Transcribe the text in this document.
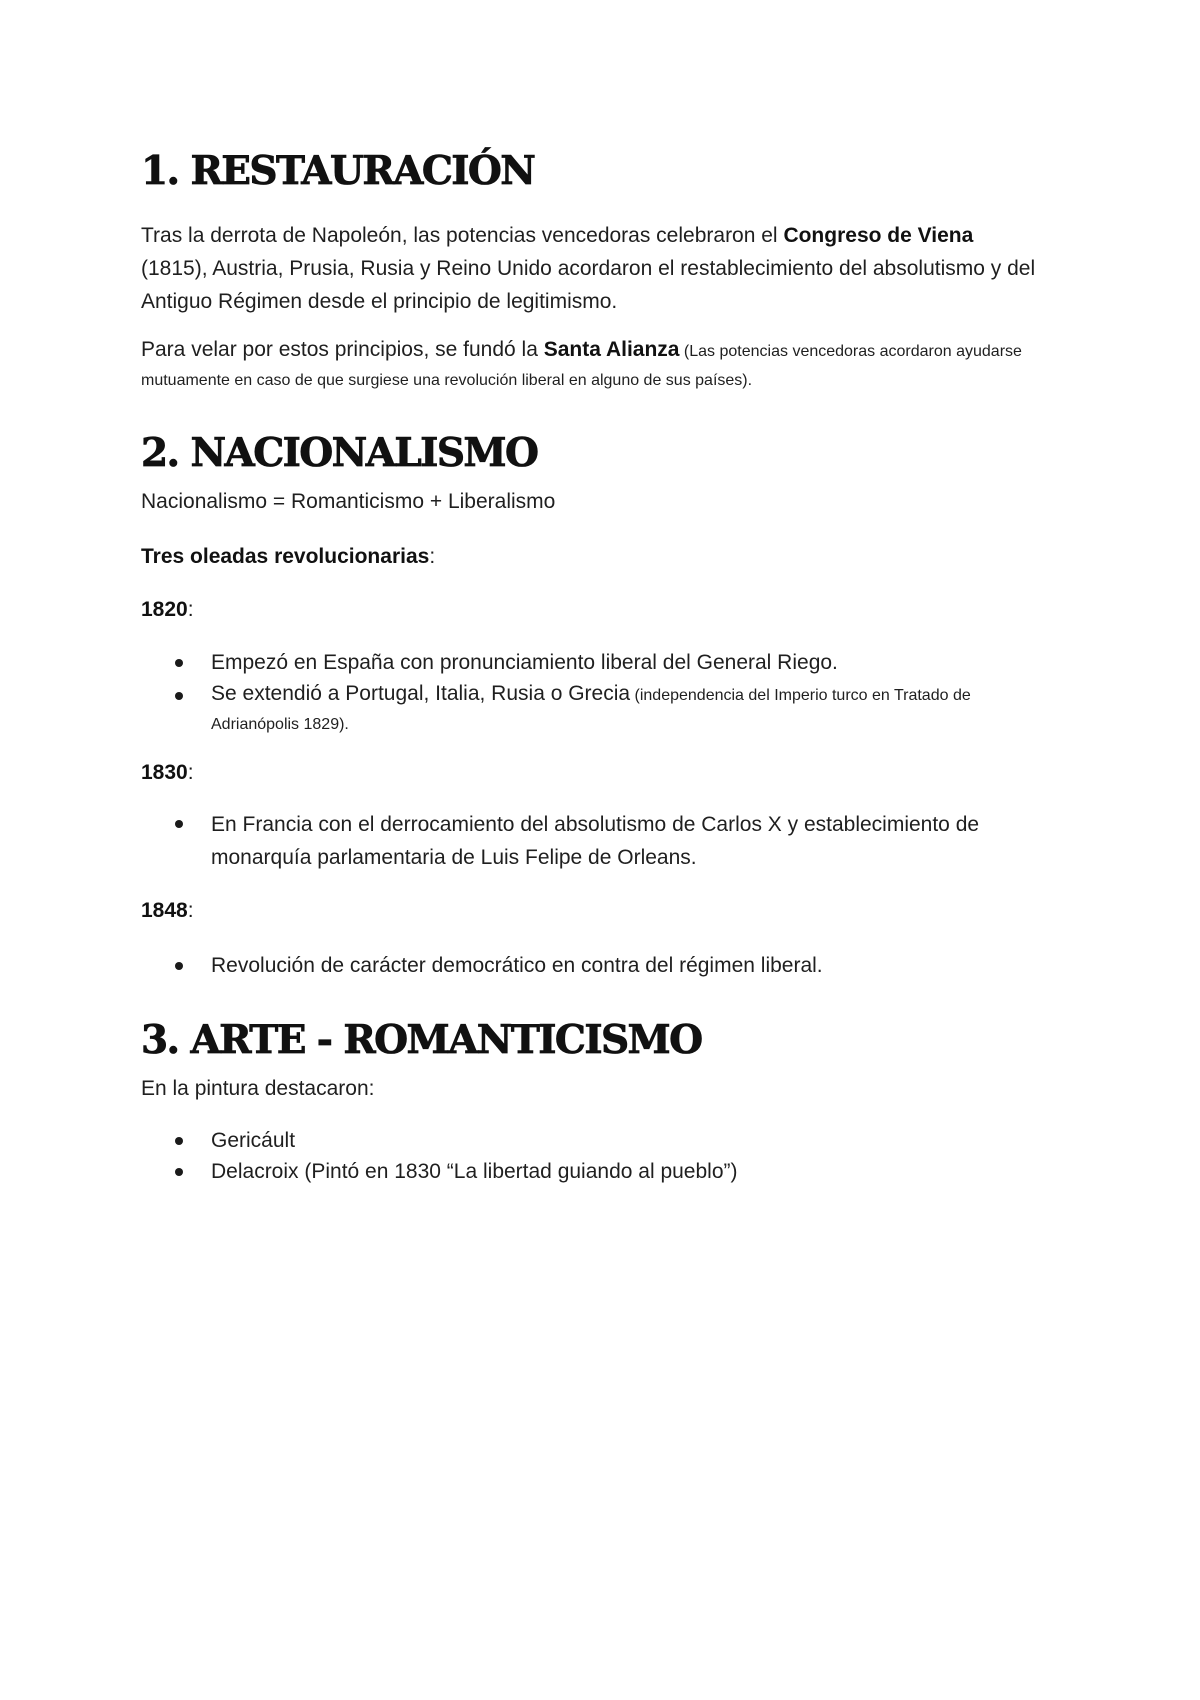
1. RESTAURACIÓN

Tras la derrota de Napoleón, las potencias vencedoras celebraron el Congreso de Viena (1815), Austria, Prusia, Rusia y Reino Unido acordaron el restablecimiento del absolutismo y del Antiguo Régimen desde el principio de legitimismo.

Para velar por estos principios, se fundó la Santa Alianza (Las potencias vencedoras acordaron ayudarse mutuamente en caso de que surgiese una revolución liberal en alguno de sus países).

2. NACIONALISMO

Nacionalismo = Romanticismo + Liberalismo

Tres oleadas revolucionarias:

1820:

Empezó en España con pronunciamiento liberal del General Riego.
Se extendió a Portugal, Italia, Rusia o Grecia (independencia del Imperio turco en Tratado de Adrianópolis 1829).

1830:

En Francia con el derrocamiento del absolutismo de Carlos X y establecimiento de monarquía parlamentaria de Luis Felipe de Orleans.

1848:

Revolución de carácter democrático en contra del régimen liberal.
3. ARTE - ROMANTICISMO

En la pintura destacaron:

Gericáult
Delacroix (Pintó en 1830 “La libertad guiando al pueblo”)
